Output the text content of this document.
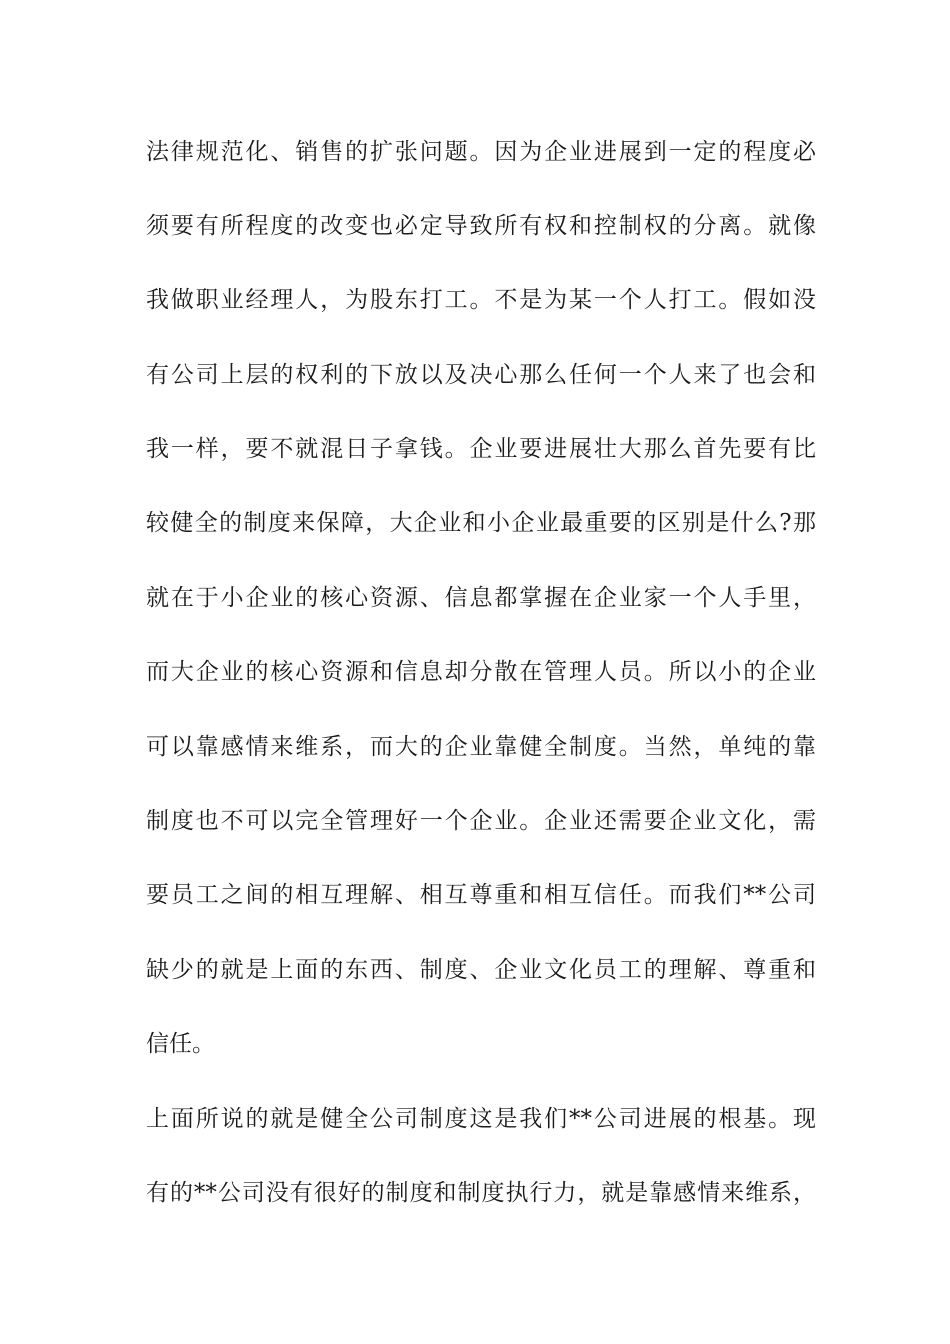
法律规范化、销售的扩张问题。因为企业进展到一定的程度必
须要有所程度的改变也必定导致所有权和控制权的分离。就像
我做职业经理人，为股东打工。不是为某一个人打工。假如没
有公司上层的权利的下放以及决心那么任何一个人来了也会和
我一样，要不就混日子拿钱。企业要进展壮大那么首先要有比
较健全的制度来保障，大企业和小企业最重要的区别是什么?那
就在于小企业的核心资源、信息都掌握在企业家一个人手里，
而大企业的核心资源和信息却分散在管理人员。所以小的企业
可以靠感情来维系，而大的企业靠健全制度。当然，单纯的靠
制度也不可以完全管理好一个企业。企业还需要企业文化，需
要员工之间的相互理解、相互尊重和相互信任。而我们**公司
缺少的就是上面的东西、制度、企业文化员工的理解、尊重和
信任。
上面所说的就是健全公司制度这是我们**公司进展的根基。现
有的**公司没有很好的制度和制度执行力，就是靠感情来维系，
